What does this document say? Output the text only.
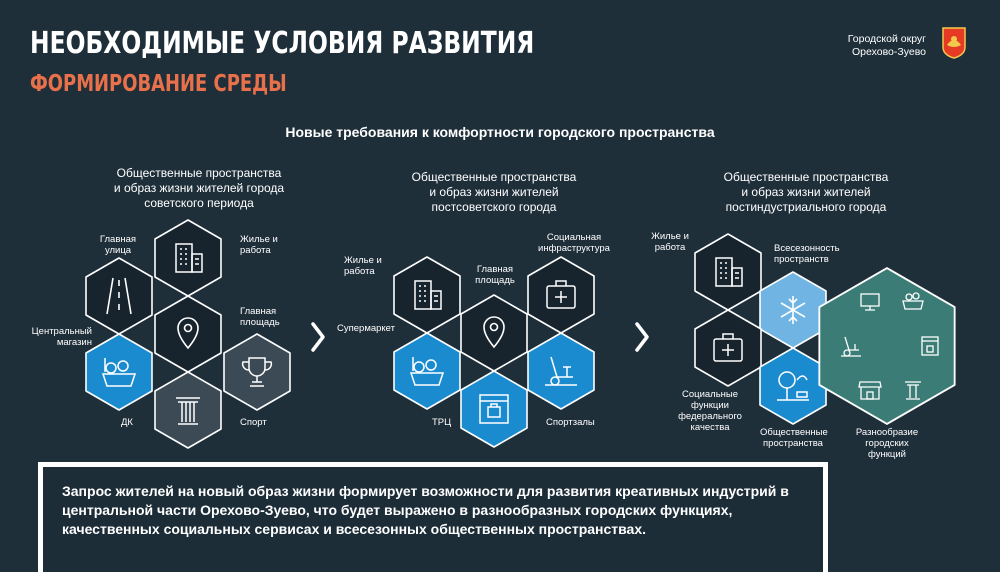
НЕОБХОДИМЫЕ УСЛОВИЯ РАЗВИТИЯ
ФОРМИРОВАНИЕ СРЕДЫ
Городской округ
Орехово-Зуево
Новые требования к комфортности городского пространства
Общественные пространства
и образ жизни жителей города
советского периода
Общественные пространства
и образ жизни жителей
постсоветского города
Общественные пространства
и образ жизни жителей
постиндустриального города
Главная улица
Жилье и работа
Главная площадь
Центральный магазин
ДК	Спорт
Социальная инфраструктура
Жилье и работа	Главная площадь
Супермаркет
ТРЦ	Спортзалы
Жилье и работа	Всесезонность пространств
Социальные функции федерального качества	Общественные пространства
Разнообразие городских функций
Запрос жителей на новый образ жизни формирует возможности для развития креативных индустрий в центральной части Орехово-Зуево, что будет выражено в разнообразных городских функциях, качественных социальных сервисах и всесезонных общественных пространствах.
